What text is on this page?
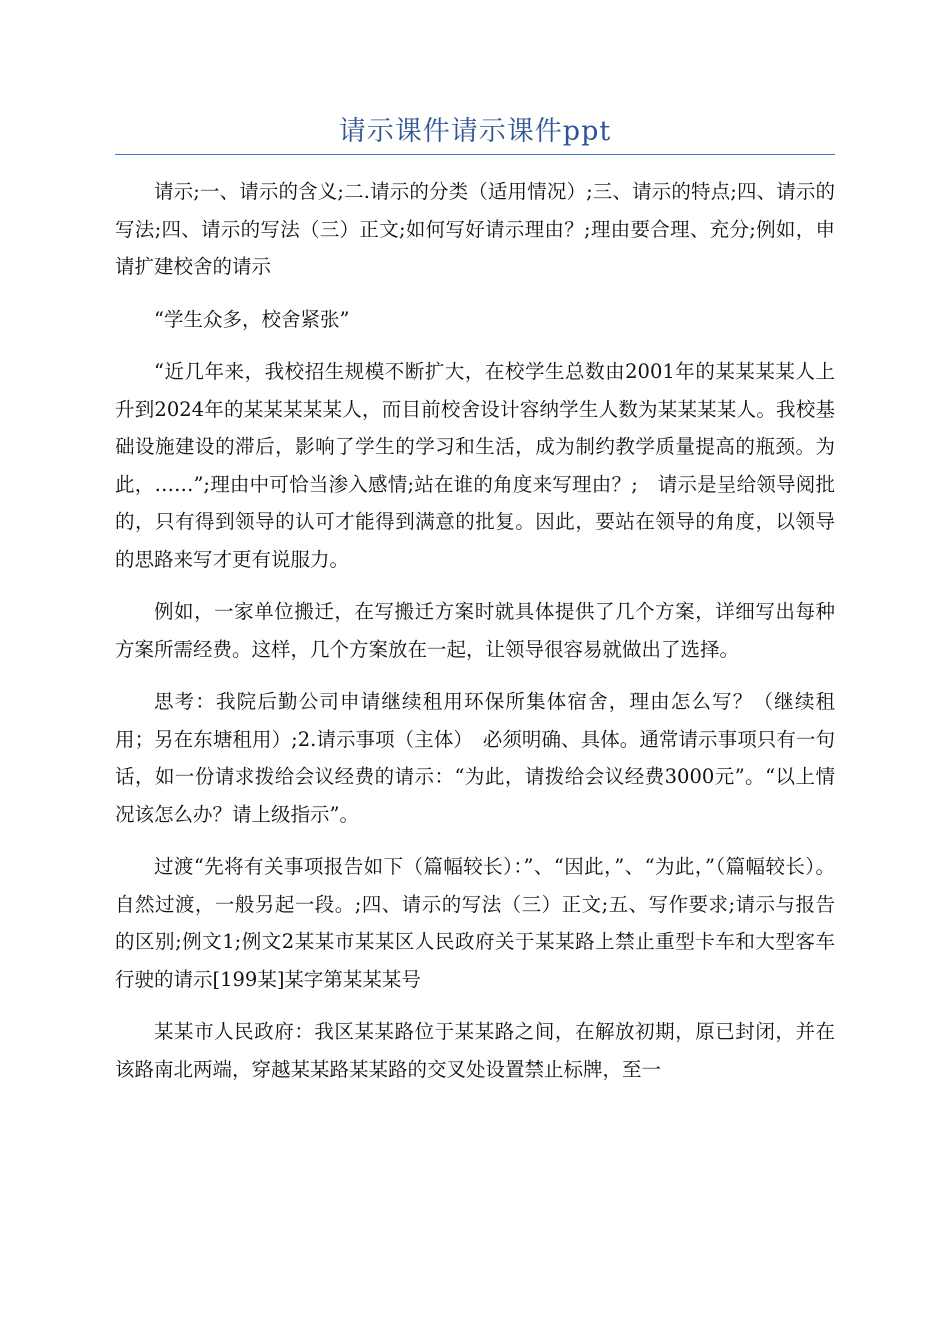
请示课件请示课件ppt

请示;一、请示的含义;二.请示的分类（适用情况）;三、请示的特点;四、请示的写法;四、请示的写法（三）正文;如何写好请示理由？;理由要合理、充分;例如，申请扩建校舍的请示

“学生众多，校舍紧张”

“近几年来，我校招生规模不断扩大，在校学生总数由2001年的某某某某人上升到2024年的某某某某某人，而目前校舍设计容纳学生人数为某某某某人。我校基础设施建设的滞后，影响了学生的学习和生活，成为制约教学质量提高的瓶颈。为此，……”;理由中可恰当渗入感情;站在谁的角度来写理由？;　请示是呈给领导阅批的，只有得到领导的认可才能得到满意的批复。因此，要站在领导的角度，以领导的思路来写才更有说服力。

例如，一家单位搬迁，在写搬迁方案时就具体提供了几个方案，详细写出每种方案所需经费。这样，几个方案放在一起，让领导很容易就做出了选择。

思考：我院后勤公司申请继续租用环保所集体宿舍，理由怎么写？（继续租用；另在东塘租用）;2.请示事项（主体）　必须明确、具体。通常请示事项只有一句话，如一份请求拨给会议经费的请示：“为此，请拨给会议经费3000元”。“以上情况该怎么办？请上级指示”。

过渡“先将有关事项报告如下（篇幅较长）：”、“因此，”、“为此，”（篇幅较长）。自然过渡，一般另起一段。;四、请示的写法（三）正文;五、写作要求;请示与报告的区别;例文1;例文2某某市某某区人民政府关于某某路上禁止重型卡车和大型客车行驶的请示[199某]某字第某某某号

某某市人民政府：我区某某路位于某某路之间，在解放初期，原已封闭，并在该路南北两端，穿越某某路某某路的交叉处设置禁止标牌，至一
